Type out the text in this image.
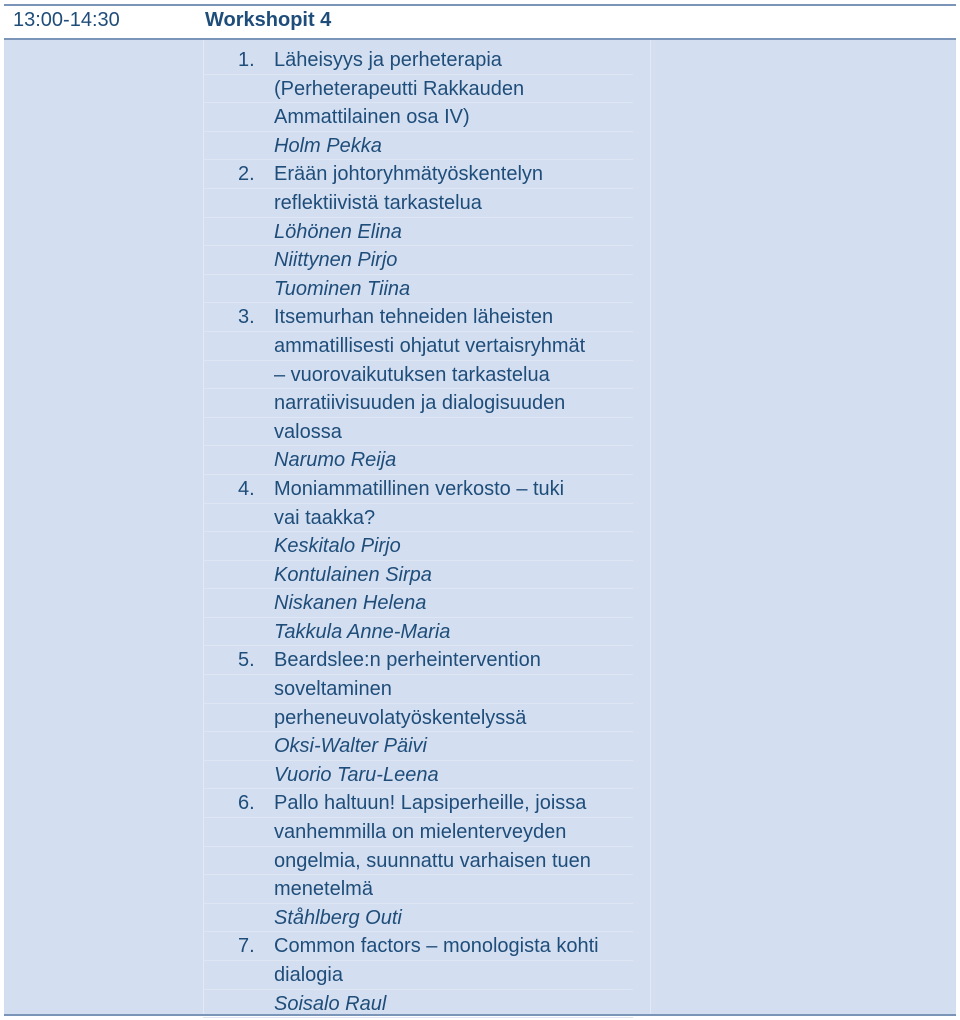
13:00-14:30	Workshopit 4
1. Läheisyys ja perheterapia
(Perheterapeutti Rakkauden
Ammattilainen osa IV)
Holm Pekka
2. Erään johtoryhmätyöskentelyn
reflektiivistä tarkastelua
Löhönen Elina
Niittynen Pirjo
Tuominen Tiina
3. Itsemurhan tehneiden läheisten
ammatillisesti ohjatut vertaisryhmät
– vuorovaikutuksen tarkastelua
narratiivisuuden ja dialogisuuden
valossa
Narumo Reija
4. Moniammatillinen verkosto – tuki
vai taakka?
Keskitalo Pirjo
Kontulainen Sirpa
Niskanen Helena
Takkula Anne-Maria
5. Beardslee:n perheintervention
soveltaminen
perheneuvolatyöskentelyssä
Oksi-Walter Päivi
Vuorio Taru-Leena
6. Pallo haltuun! Lapsiperheille, joissa
vanhemmilla on mielenterveyden
ongelmia, suunnattu varhaisen tuen
menetelmä
Ståhlberg Outi
7. Common factors – monologista kohti
dialogia
Soisalo Raul
